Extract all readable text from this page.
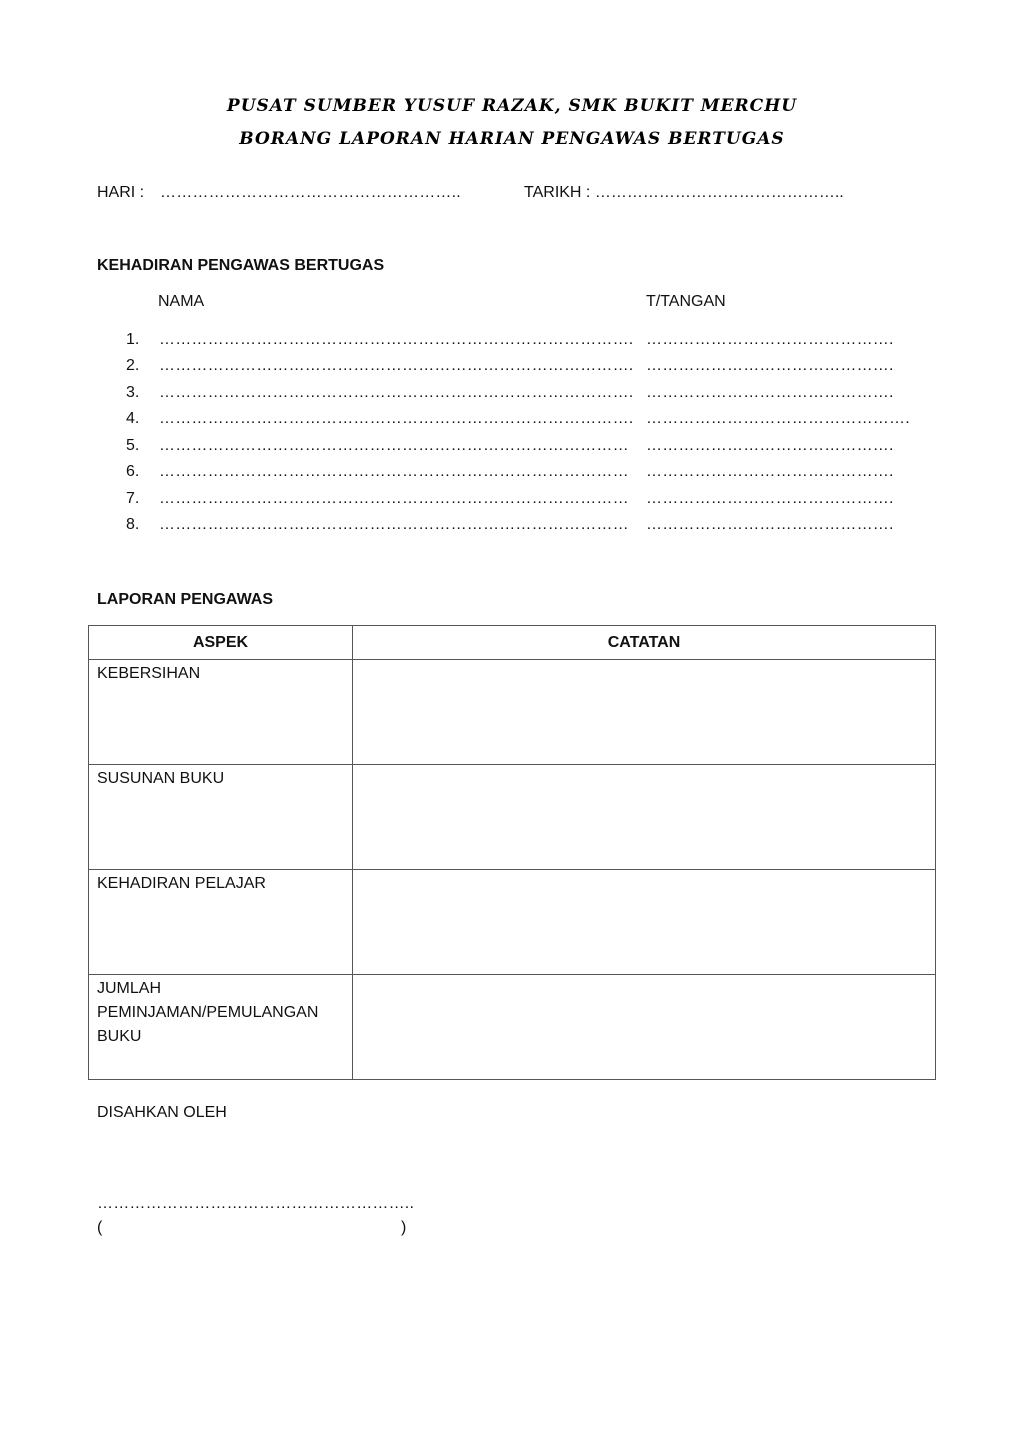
PUSAT SUMBER YUSUF RAZAK, SMK BUKIT MERCHU
BORANG LAPORAN HARIAN PENGAWAS BERTUGAS
HARI : ………………………………………………..	TARIKH : ………………………………………..
KEHADIRAN PENGAWAS BERTUGAS
NAMA	T/TANGAN
1. ……………………………………………………………………………. ……………………………………….
2. ……………………………………………………………………………. ……………………………………….
3. ……………………………………………………………………………. ……………………………………….
4. ……………………………………………………………………………. ………………………………………….
5. …………………………………………………………………………… ……………………………………….
6. …………………………………………………………………………… ……………………………………….
7. …………………………………………………………………………… ……………………………………….
8. …………………………………………………………………………… ……………………………………….
LAPORAN PENGAWAS
ASPEK	CATATAN
KEBERSIHAN	
SUSUNAN BUKU	
KEHADIRAN PELAJAR	
JUMLAH PEMINJAMAN/PEMULANGAN BUKU	
DISAHKAN OLEH
…………………………………………………..
(	)
